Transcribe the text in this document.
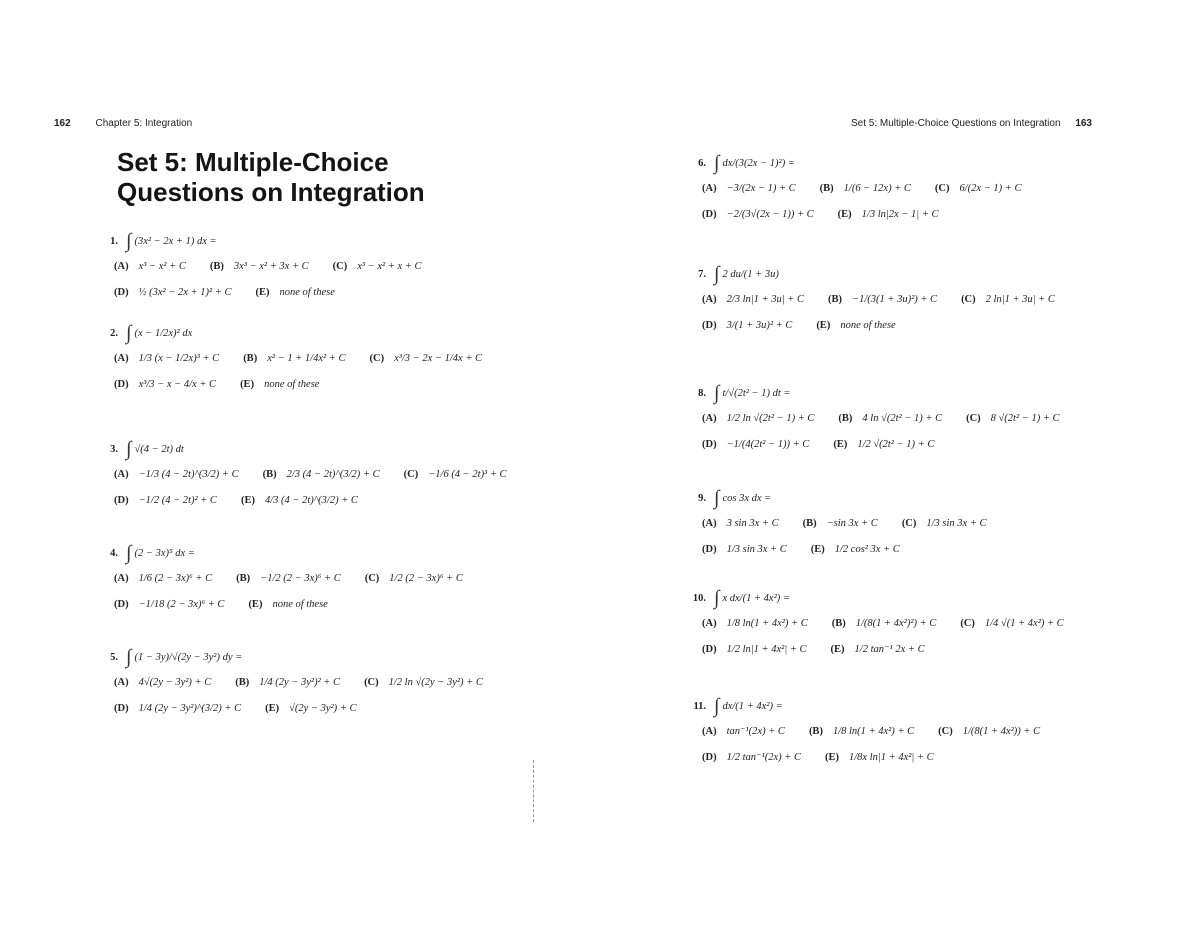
162 Chapter 5: Integration
Set 5: Multiple-Choice
Questions on Integration
1. ∫ (3x² − 2x + 1) dx =
(A) x³ − x² + C (B) 3x³ − x² + 3x + C (C) x³ − x² + x + C
(D) ½ (3x² − 2x + 1)² + C (E) none of these
2. ∫ (x − 1/2x)² dx
(A) 1/3 (x − 1/2x)³ + C (B) x² − 1 + 1/4x² + C (C) x³/3 − 2x − 1/4x + C
(D) x³/3 − x − 4/x + C (E) none of these
3. ∫ √(4 − 2t) dt
(A) −1/3 (4 − 2t)^(3/2) + C (B) 2/3 (4 − 2t)^(3/2) + C (C) −1/6 (4 − 2t)³ + C
(D) −1/2 (4 − 2t)² + C (E) 4/3 (4 − 2t)^(3/2) + C
4. ∫ (2 − 3x)⁵ dx =
(A) 1/6 (2 − 3x)⁶ + C (B) −1/2 (2 − 3x)⁶ + C (C) 1/2 (2 − 3x)⁶ + C
(D) −1/18 (2 − 3x)⁶ + C (E) none of these
5. ∫ (1 − 3y)/√(2y − 3y²) dy =
(A) 4√(2y − 3y²) + C (B) 1/4 (2y − 3y²)² + C (C) 1/2 ln √(2y − 3y²) + C
(D) 1/4 (2y − 3y²)^(3/2) + C (E) √(2y − 3y²) + C
Set 5: Multiple-Choice Questions on Integration 163
6. ∫ dx/(3(2x − 1)²) =
(A) −3/(2x − 1) + C (B) 1/(6 − 12x) + C (C) 6/(2x − 1) + C
(D) −2/(3√(2x − 1)) + C (E) 1/3 ln|2x − 1| + C
7. ∫ 2 du/(1 + 3u)
(A) 2/3 ln|1 + 3u| + C (B) −1/(3(1 + 3u)²) + C (C) 2 ln|1 + 3u| + C
(D) 3/(1 + 3u)² + C (E) none of these
8. ∫ t/√(2t² − 1) dt =
(A) 1/2 ln √(2t² − 1) + C (B) 4 ln √(2t² − 1) + C (C) 8 √(2t² − 1) + C
(D) −1/(4(2t² − 1)) + C (E) 1/2 √(2t² − 1) + C
9. ∫ cos 3x dx =
(A) 3 sin 3x + C (B) −sin 3x + C (C) 1/3 sin 3x + C
(D) 1/3 sin 3x + C (E) 1/2 cos² 3x + C
10. ∫ x dx/(1 + 4x²) =
(A) 1/8 ln(1 + 4x²) + C (B) 1/(8(1 + 4x²)²) + C (C) 1/4 √(1 + 4x²) + C
(D) 1/2 ln|1 + 4x²| + C (E) 1/2 tan⁻¹ 2x + C
11. ∫ dx/(1 + 4x²) =
(A) tan⁻¹(2x) + C (B) 1/8 ln(1 + 4x²) + C (C) 1/(8(1 + 4x²)) + C
(D) 1/2 tan⁻¹(2x) + C (E) 1/8x ln|1 + 4x²| + C
